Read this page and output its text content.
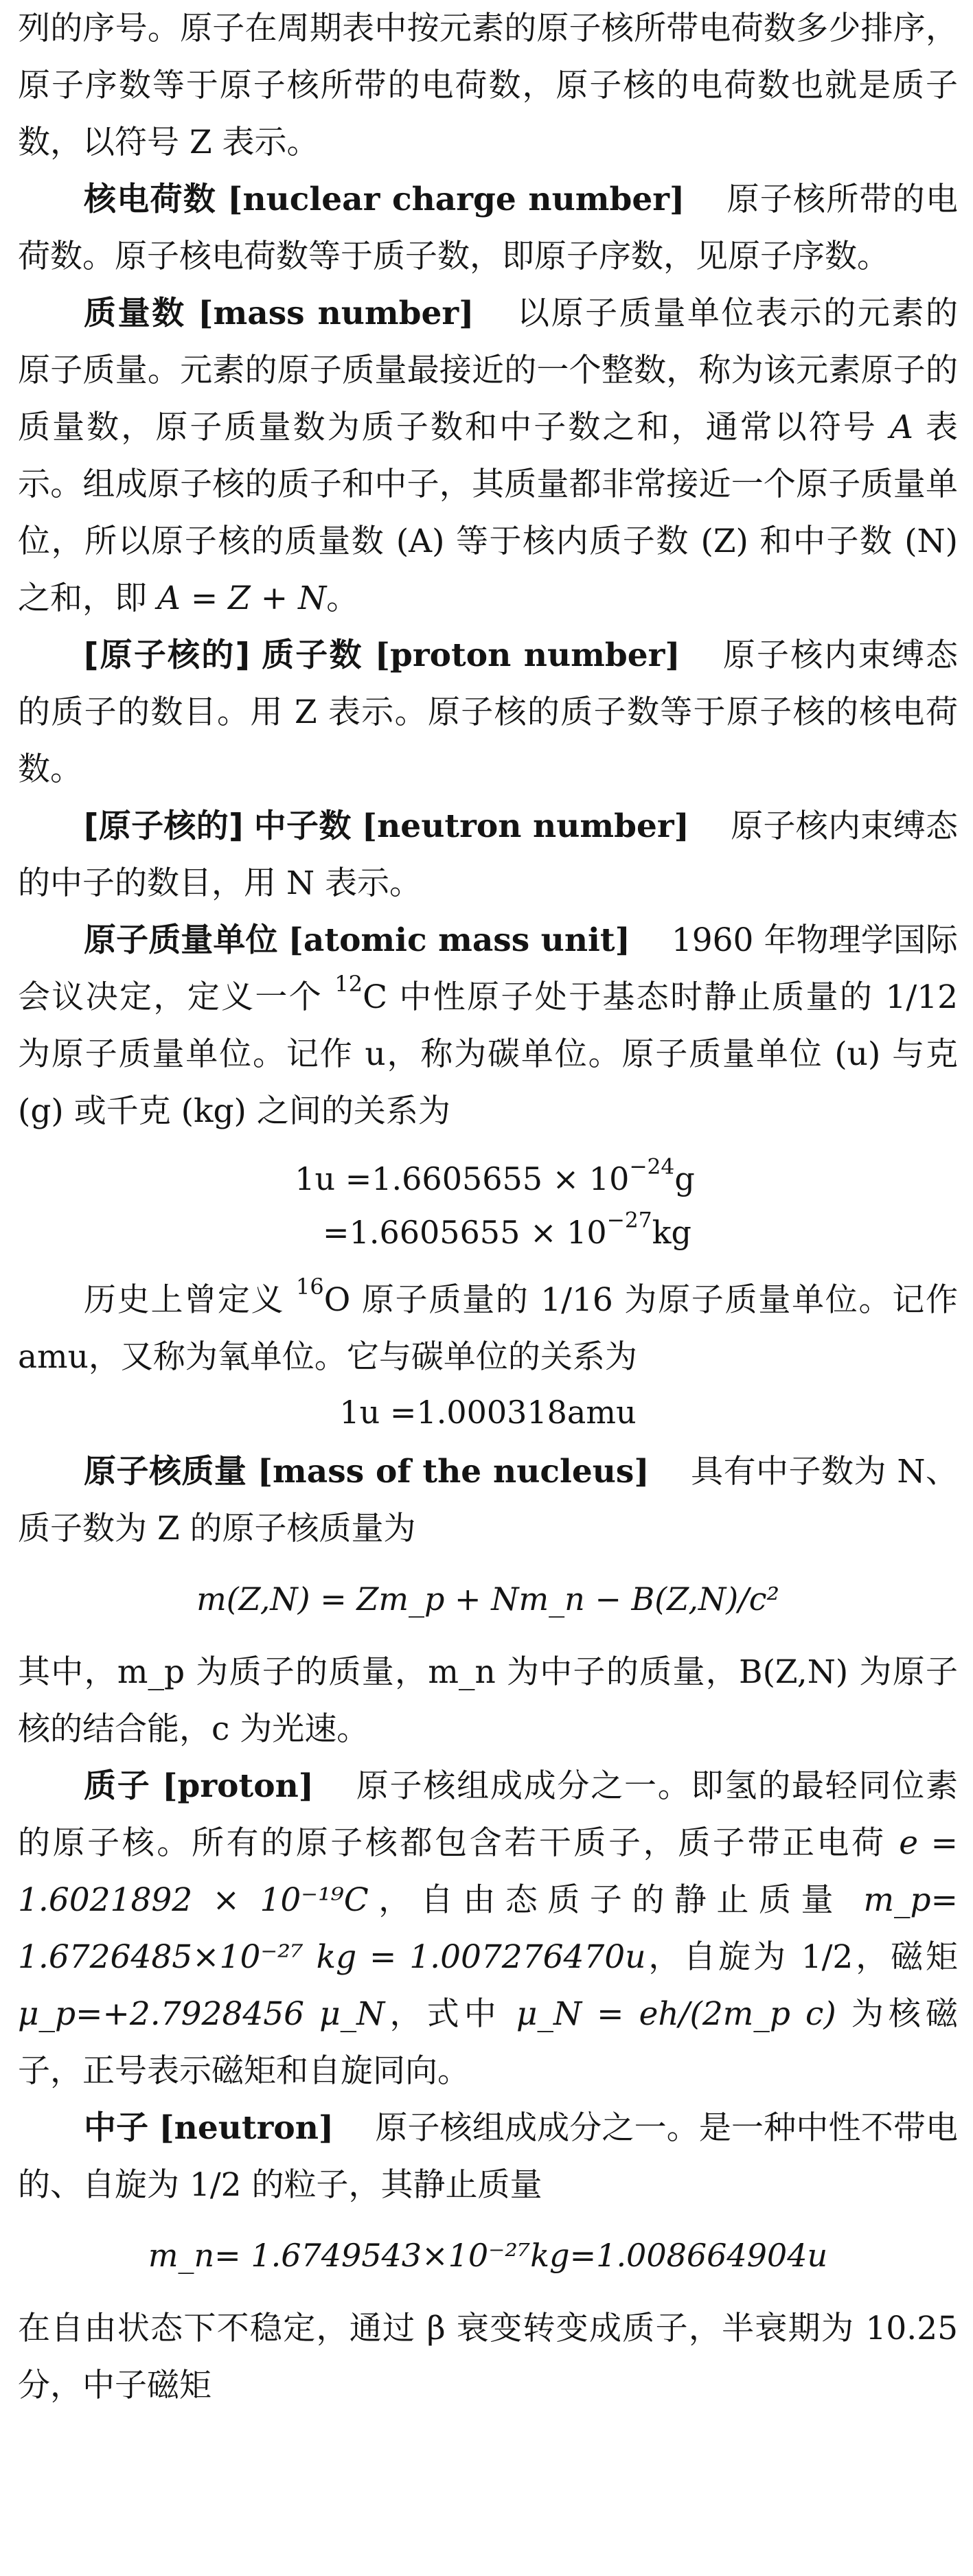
列的序号。原子在周期表中按元素的原子核所带电荷数多少排序，原子序数等于原子核所带的电荷数，原子核的电荷数也就是质子数，以符号 Z 表示。

核电荷数 [nuclear charge number] 原子核所带的电荷数。原子核电荷数等于质子数，即原子序数，见原子序数。

质量数 [mass number] 以原子质量单位表示的元素的原子质量。元素的原子质量最接近的一个整数，称为该元素原子的质量数，原子质量数为质子数和中子数之和，通常以符号 A 表示。组成原子核的质子和中子，其质量都非常接近一个原子质量单位，所以原子核的质量数 (A) 等于核内质子数 (Z) 和中子数 (N) 之和，即 A = Z + N。

[原子核的] 质子数 [proton number] 原子核内束缚态的质子的数目。用 Z 表示。原子核的质子数等于原子核的核电荷数。

[原子核的] 中子数 [neutron number] 原子核内束缚态的中子的数目，用 N 表示。

原子质量单位 [atomic mass unit] 1960 年物理学国际会议决定，定义一个 $^{12}$C 中性原子处于基态时静止质量的 1/12 为原子质量单位。记作 u，称为碳单位。原子质量单位 (u) 与克 (g) 或千克 (kg) 之间的关系为

$1u =1.6605655 \times 10^{-24}g$
$=1.6605655 \times 10^{-27}kg$

历史上曾定义 $^{16}$O 原子质量的 1/16 为原子质量单位。记作 amu，又称为氧单位。它与碳单位的关系为

1u =1.000318amu

原子核质量 [mass of the nucleus] 具有中子数为 N、质子数为 Z 的原子核质量为

m(Z,N) = Zm_p + Nm_n − B(Z,N)/c²

其中，m_p 为质子的质量，m_n 为中子的质量，B(Z,N) 为原子核的结合能，c 为光速。

质子 [proton] 原子核组成成分之一。即氢的最轻同位素的原子核。所有的原子核都包含若干质子，质子带正电荷 e = 1.6021892 × 10⁻¹⁹C，自由态质子的静止质量 m_p= 1.6726485×10⁻²⁷ kg = 1.007276470u，自旋为 1/2，磁矩 μ_p=+2.7928456 μ_N，式中 μ_N = eh/(2m_p c) 为核磁子，正号表示磁矩和自旋同向。

中子 [neutron] 原子核组成成分之一。是一种中性不带电的、自旋为 1/2 的粒子，其静止质量

m_n= 1.6749543×10⁻²⁷kg=1.008664904u

在自由状态下不稳定，通过 β 衰变转变成质子，半衰期为 10.25 分，中子磁矩
